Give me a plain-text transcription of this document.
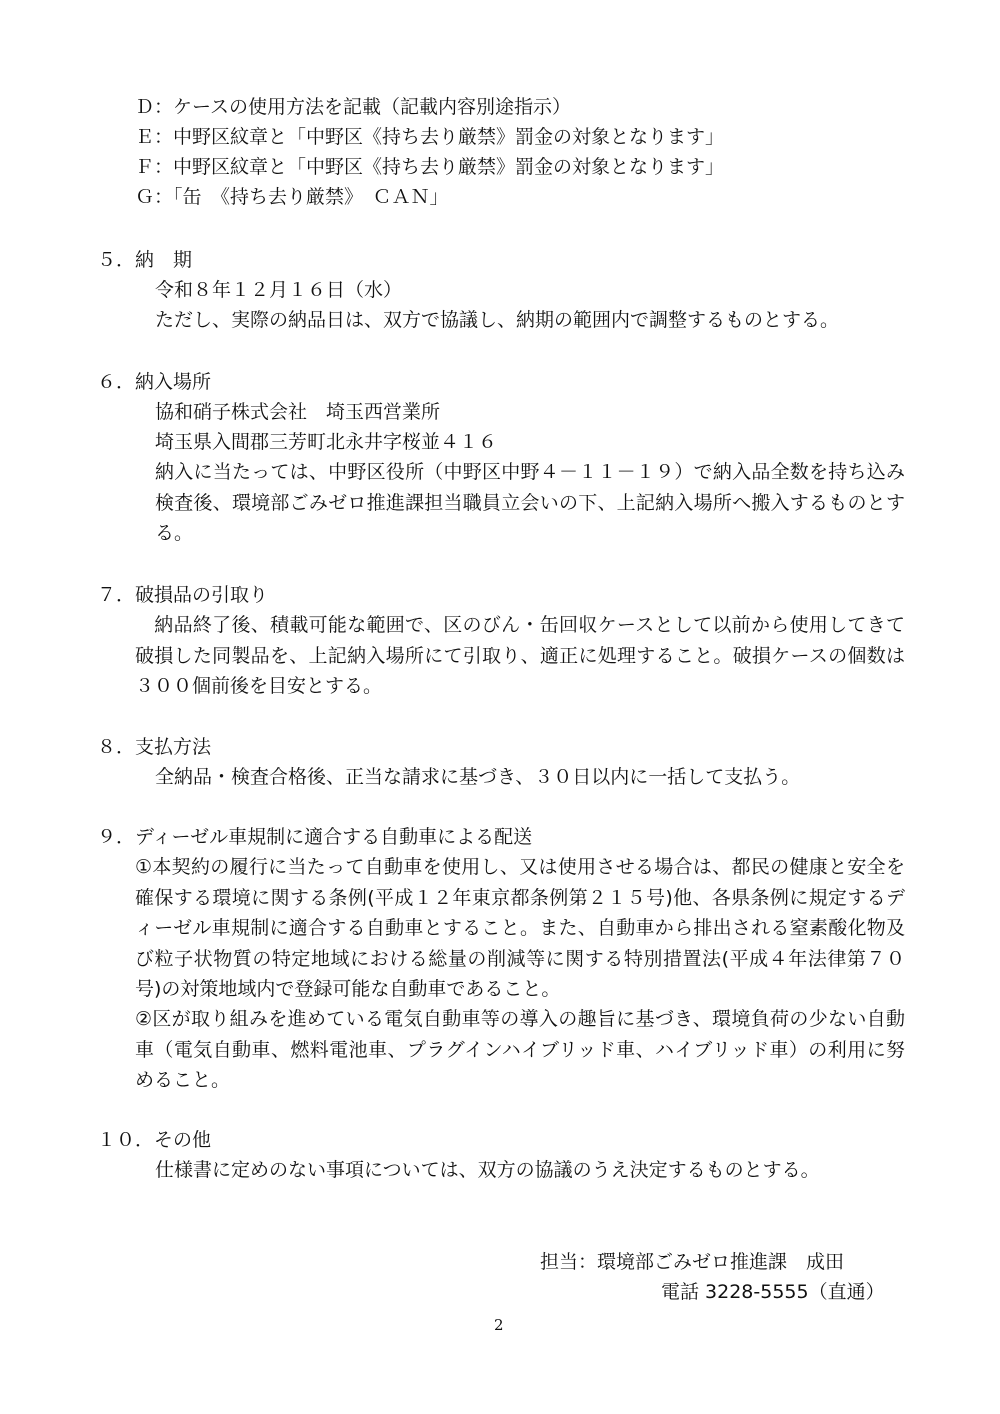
Ｄ：ケースの使用方法を記載（記載内容別途指示）
Ｅ：中野区紋章と「中野区《持ち去り厳禁》罰金の対象となります」
Ｆ：中野区紋章と「中野区《持ち去り厳禁》罰金の対象となります」
Ｇ：「缶　《持ち去り厳禁》　ＣＡＮ」
５．納　期
令和８年１２月１６日（水）
ただし、実際の納品日は、双方で協議し、納期の範囲内で調整するものとする。
６．納入場所
協和硝子株式会社　埼玉西営業所
埼玉県入間郡三芳町北永井字桜並４１６
納入に当たっては、中野区役所（中野区中野４－１１－１９）で納入品全数を持ち込み検査後、環境部ごみゼロ推進課担当職員立会いの下、上記納入場所へ搬入するものとする。
７．破損品の引取り
　納品終了後、積載可能な範囲で、区のびん・缶回収ケースとして以前から使用してきて破損した同製品を、上記納入場所にて引取り、適正に処理すること。破損ケースの個数は３００個前後を目安とする。
８．支払方法
全納品・検査合格後、正当な請求に基づき、３０日以内に一括して支払う。
９．ディーゼル車規制に適合する自動車による配送
①本契約の履行に当たって自動車を使用し、又は使用させる場合は、都民の健康と安全を確保する環境に関する条例(平成１２年東京都条例第２１５号)他、各県条例に規定するディーゼル車規制に適合する自動車とすること。また、自動車から排出される窒素酸化物及び粒子状物質の特定地域における総量の削減等に関する特別措置法(平成４年法律第７０号)の対策地域内で登録可能な自動車であること。
②区が取り組みを進めている電気自動車等の導入の趣旨に基づき、環境負荷の少ない自動車（電気自動車、燃料電池車、プラグインハイブリッド車、ハイブリッド車）の利用に努めること。
１０．その他
仕様書に定めのない事項については、双方の協議のうえ決定するものとする。
担当：環境部ごみゼロ推進課　成田
電話 3228-5555（直通）
2
